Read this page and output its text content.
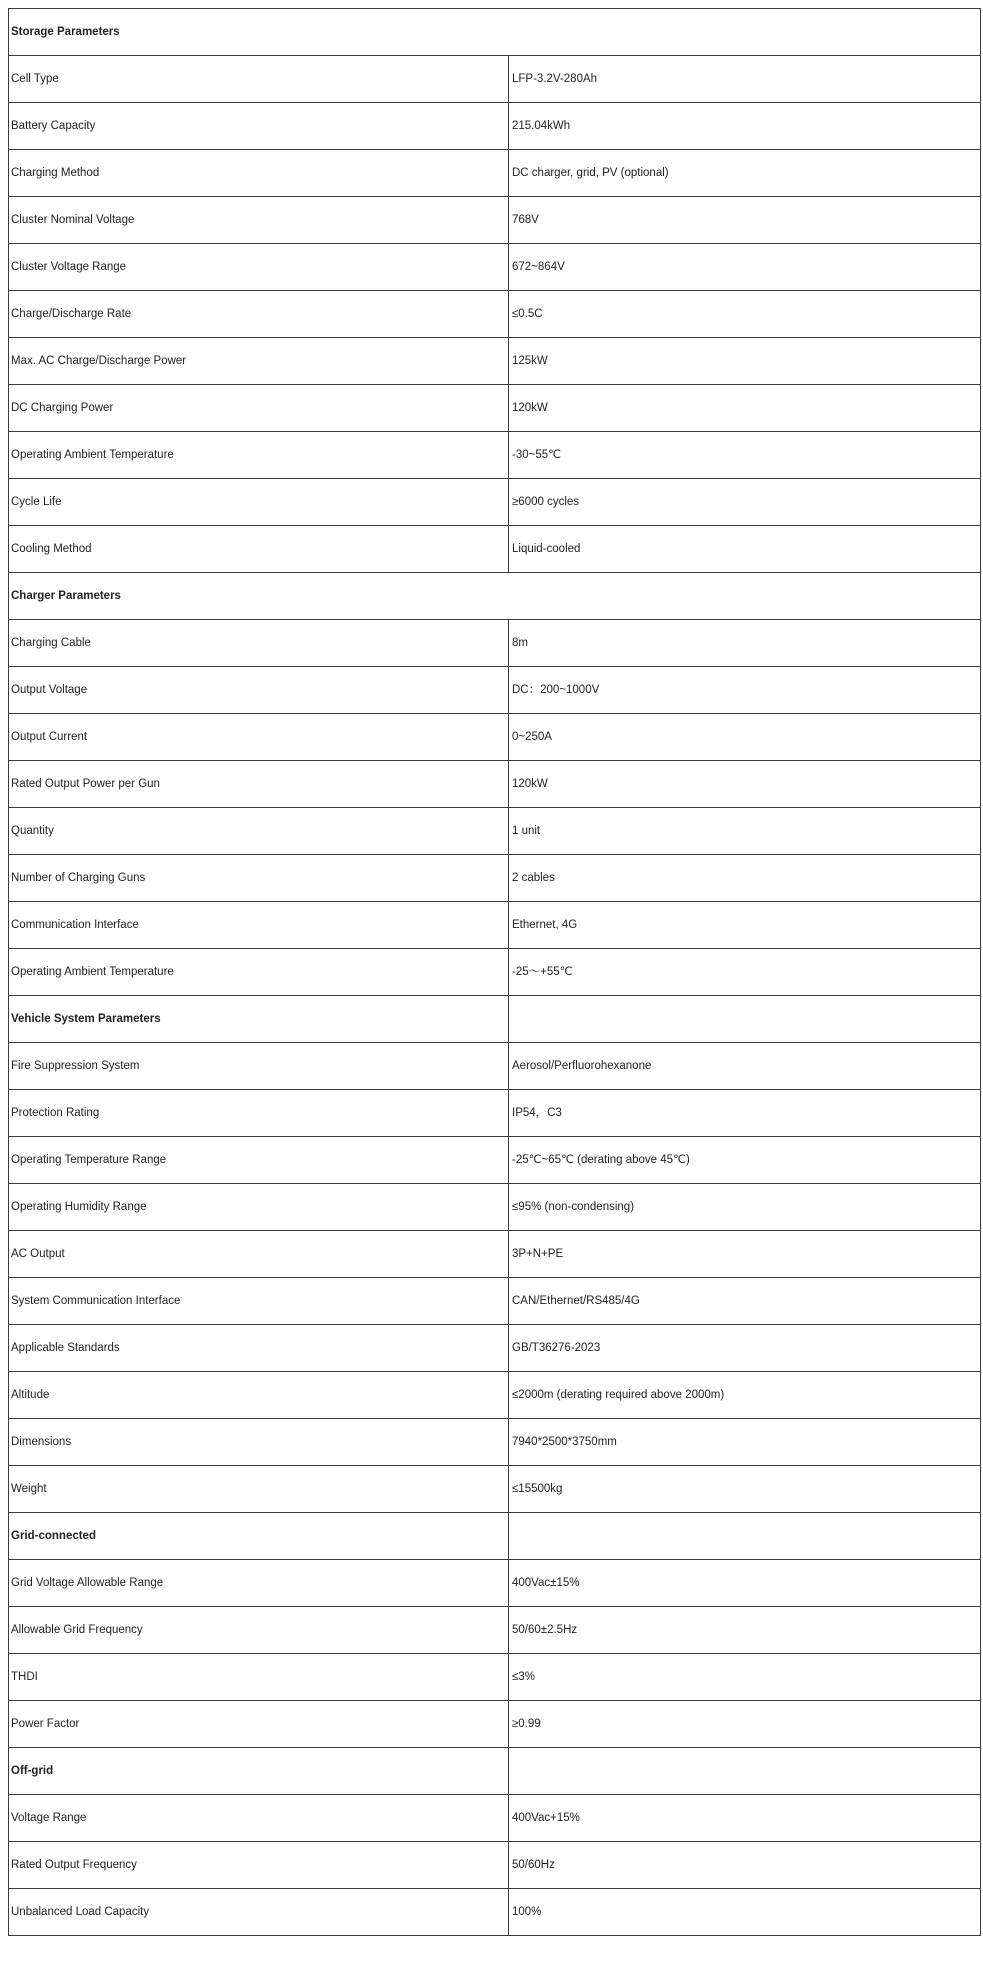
Storage Parameters	
Cell Type	LFP-3.2V-280Ah
Battery Capacity	215.04kWh
Charging Method	DC charger, grid, PV (optional)
Cluster Nominal Voltage	768V
Cluster Voltage Range	672~864V
Charge/Discharge Rate	≤0.5C
Max. AC Charge/Discharge Power	125kW
DC Charging Power	120kW
Operating Ambient Temperature	-30~55℃
Cycle Life	≥6000 cycles
Cooling Method	Liquid-cooled
Charger Parameters	
Charging Cable	8m
Output Voltage	DC：200~1000V
Output Current	0~250A
Rated Output Power per Gun	120kW
Quantity	1 unit
Number of Charging Guns	2 cables
Communication Interface	Ethernet, 4G
Operating Ambient Temperature	-25～+55℃
Vehicle System Parameters	
Fire Suppression System	Aerosol/Perfluorohexanone
Protection Rating	IP54，C3
Operating Temperature Range	-25℃~65℃ (derating above 45℃)
Operating Humidity Range	≤95% (non-condensing)
AC Output	3P+N+PE
System Communication Interface	CAN/Ethernet/RS485/4G
Applicable Standards	GB/T36276-2023
Altitude	≤2000m (derating required above 2000m)
Dimensions	7940*2500*3750mm
Weight	≤15500kg
Grid-connected	
Grid Voltage Allowable Range	400Vac±15%
Allowable Grid Frequency	50/60±2.5Hz
THDI	≤3%
Power Factor	≥0.99
Off-grid	
Voltage Range	400Vac+15%
Rated Output Frequency	50/60Hz
Unbalanced Load Capacity	100%
